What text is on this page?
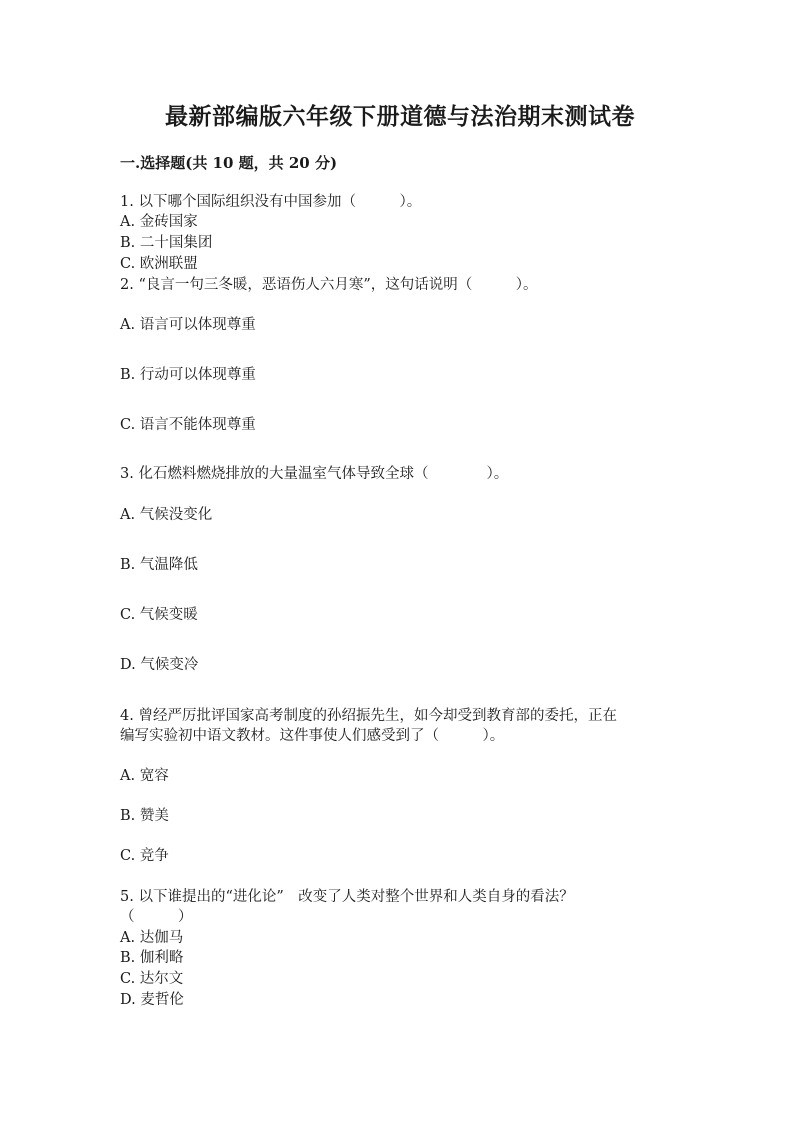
最新部编版六年级下册道德与法治期末测试卷
一.选择题(共 10 题，共 20 分)
1. 以下哪个国际组织没有中国参加（　　　）。
A. 金砖国家
B. 二十国集团
C. 欧洲联盟
2. “良言一句三冬暖，恶语伤人六月寒”，这句话说明（　　　）。
A. 语言可以体现尊重
B. 行动可以体现尊重
C. 语言不能体现尊重
3. 化石燃料燃烧排放的大量温室气体导致全球（　　　　）。
A. 气候没变化
B. 气温降低
C. 气候变暖
D. 气候变冷
4. 曾经严厉批评国家高考制度的孙绍振先生，如今却受到教育部的委托，正在
编写实验初中语文教材。这件事使人们感受到了（　　　）。
A. 宽容
B. 赞美
C. 竞争
5. 以下谁提出的“进化论”　改变了人类对整个世界和人类自身的看法？
（　　　）
A. 达伽马
B. 伽利略
C. 达尔文
D. 麦哲伦
